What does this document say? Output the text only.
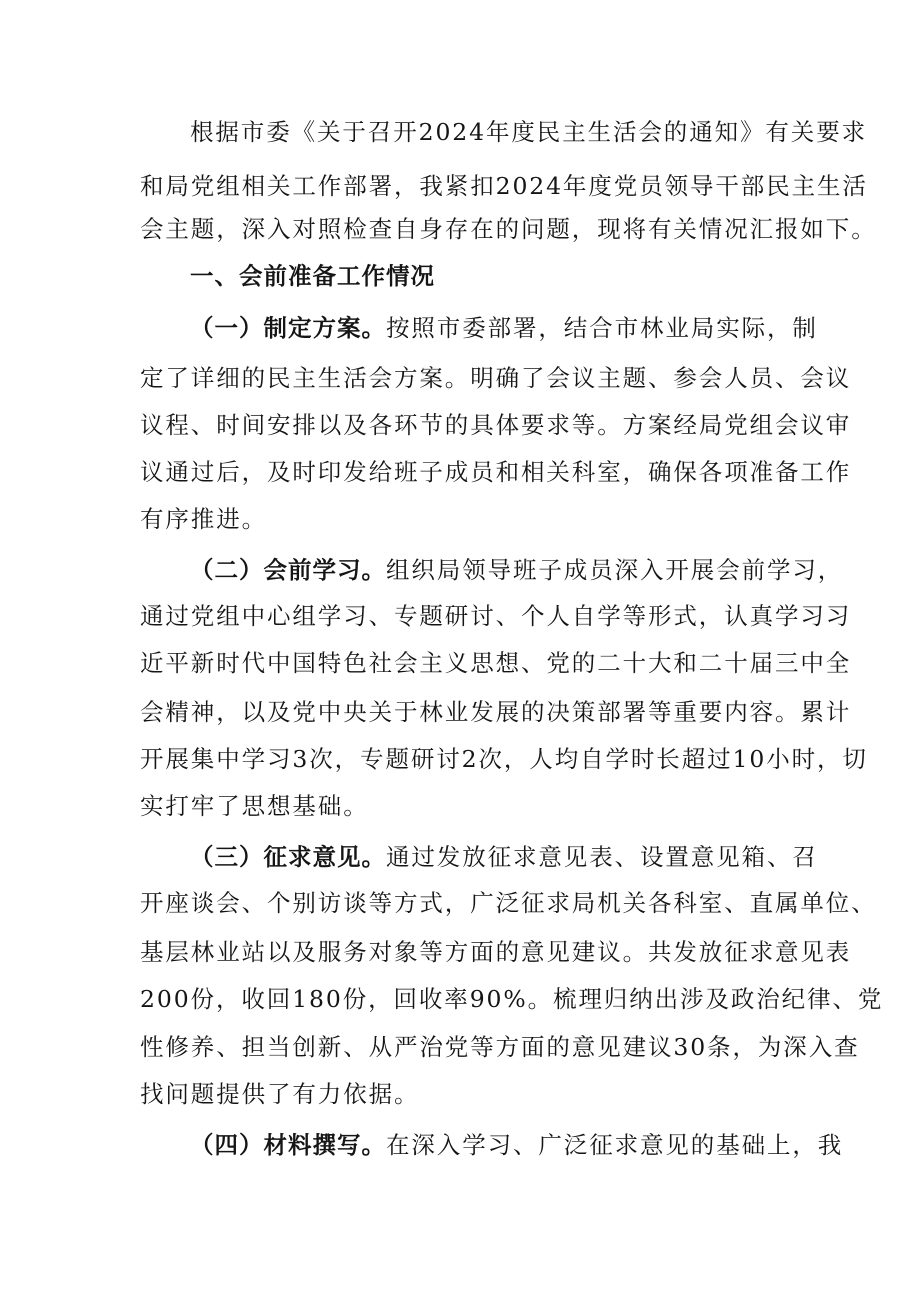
根据市委《关于召开2024年度民主生活会的通知》有关要求
和局党组相关工作部署，我紧扣2024年度党员领导干部民主生活
会主题，深入对照检查自身存在的问题，现将有关情况汇报如下。
一、会前准备工作情况
（一）制定方案。按照市委部署，结合市林业局实际，制
定了详细的民主生活会方案。明确了会议主题、参会人员、会议
议程、时间安排以及各环节的具体要求等。方案经局党组会议审
议通过后，及时印发给班子成员和相关科室，确保各项准备工作
有序推进。
（二）会前学习。组织局领导班子成员深入开展会前学习，
通过党组中心组学习、专题研讨、个人自学等形式，认真学习习
近平新时代中国特色社会主义思想、党的二十大和二十届三中全
会精神，以及党中央关于林业发展的决策部署等重要内容。累计
开展集中学习3次，专题研讨2次，人均自学时长超过10小时，切
实打牢了思想基础。
（三）征求意见。通过发放征求意见表、设置意见箱、召
开座谈会、个别访谈等方式，广泛征求局机关各科室、直属单位、
基层林业站以及服务对象等方面的意见建议。共发放征求意见表
200份，收回180份，回收率90%。梳理归纳出涉及政治纪律、党
性修养、担当创新、从严治党等方面的意见建议30条，为深入查
找问题提供了有力依据。
（四）材料撰写。在深入学习、广泛征求意见的基础上，我
